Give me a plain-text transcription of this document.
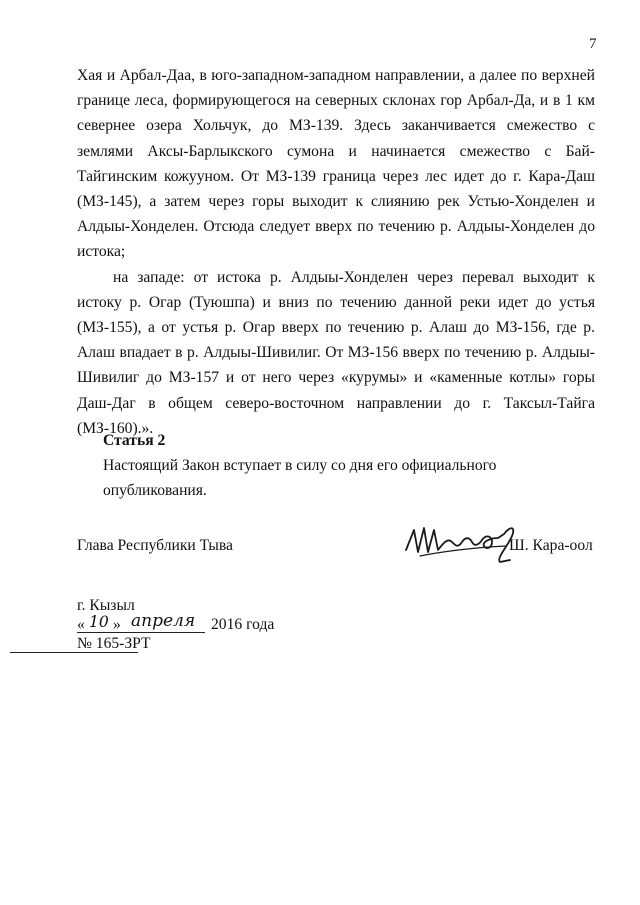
7

Хая и Арбал-Даа, в юго-западном-западном направлении, а далее по верхней границе леса, формирующегося на северных склонах гор Арбал-Да, и в 1 км севернее озера Хольчук, до МЗ-139. Здесь заканчивается смежество с землями Аксы-Барлыкского сумона и начинается смежество с Бай-Тайгинским кожууном. От МЗ-139 граница через лес идет до г. Кара-Даш (МЗ-145), а затем через горы выходит к слиянию рек Устью-Хонделен и Алдыы-Хонделен. Отсюда следует вверх по течению р. Алдыы-Хонделен до истока;

на западе: от истока р. Алдыы-Хонделен через перевал выходит к истоку р. Огар (Туюшпа) и вниз по течению данной реки идет до устья (МЗ-155), а от устья р. Огар вверх по течению р. Алаш до МЗ-156, где р. Алаш впадает в р. Алдыы-Шивилиг. От МЗ-156 вверх по течению р. Алдыы-Шивилиг до МЗ-157 и от него через «курумы» и «каменные котлы» горы Даш-Даг в общем северо-восточном направлении до г. Таксыл-Тайга (МЗ-160).».

Статья 2
Настоящий Закон вступает в силу со дня его официального опубликования.
Глава Республики Тыва	Ш. Кара-оол
г. Кызыл
« 10 » апреля 2016 года
№ 165-ЗРТ
